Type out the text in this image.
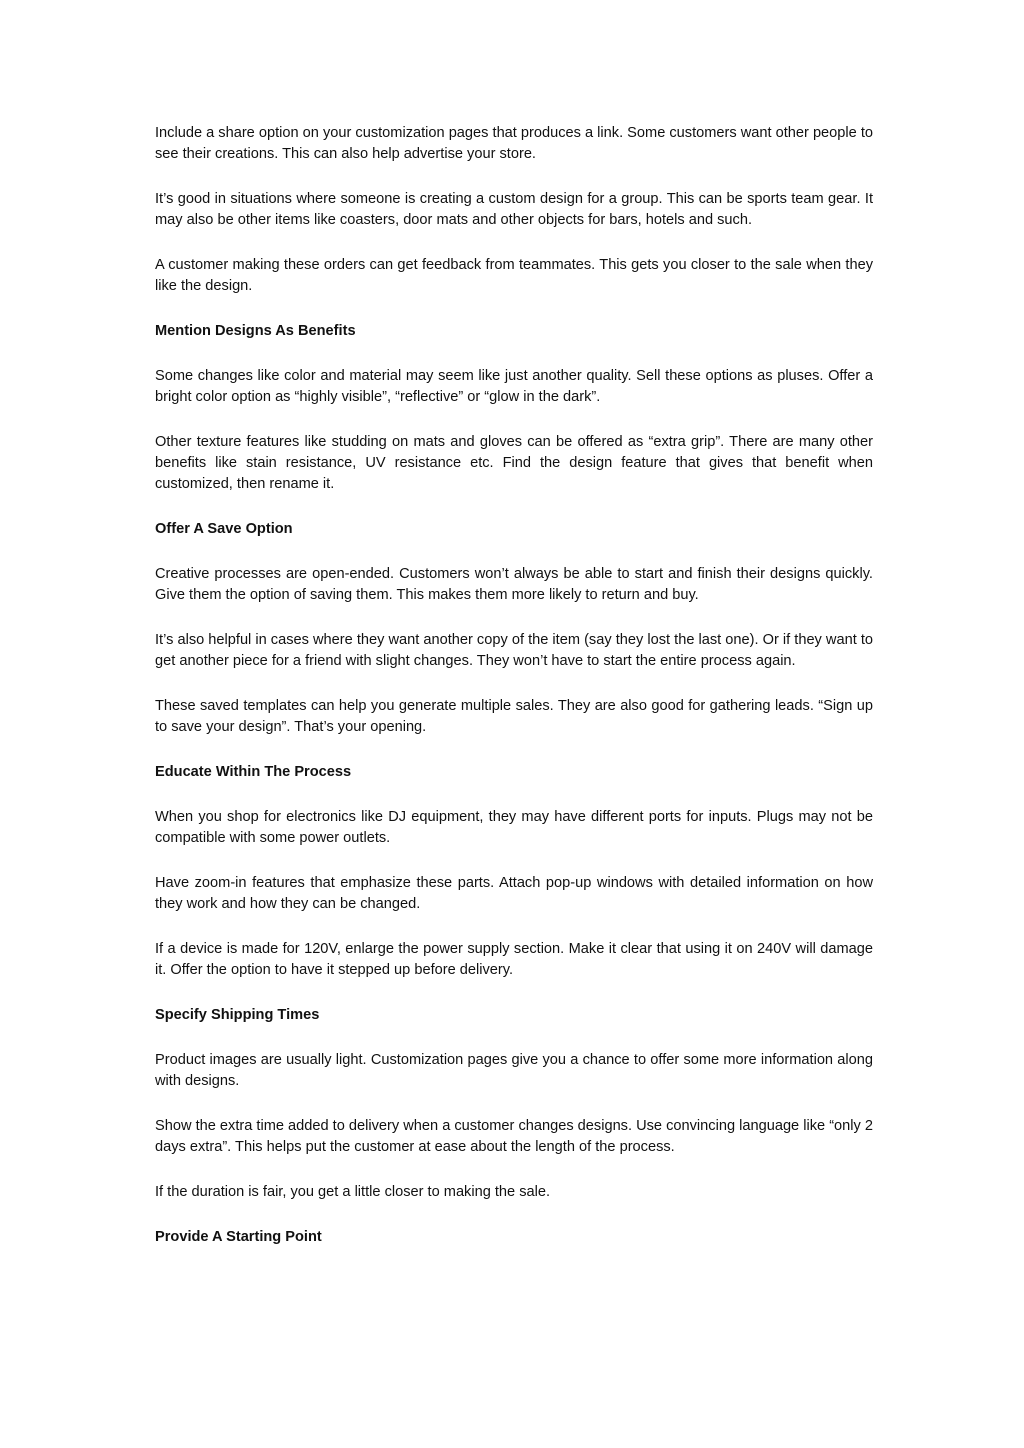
Include a share option on your customization pages that produces a link. Some customers want other people to see their creations. This can also help advertise your store.

It’s good in situations where someone is creating a custom design for a group. This can be sports team gear. It may also be other items like coasters, door mats and other objects for bars, hotels and such.

A customer making these orders can get feedback from teammates. This gets you closer to the sale when they like the design.

Mention Designs As Benefits

Some changes like color and material may seem like just another quality. Sell these options as pluses. Offer a bright color option as “highly visible”, “reflective” or “glow in the dark”.

Other texture features like studding on mats and gloves can be offered as “extra grip”. There are many other benefits like stain resistance, UV resistance etc. Find the design feature that gives that benefit when customized, then rename it.

Offer A Save Option

Creative processes are open-ended. Customers won’t always be able to start and finish their designs quickly. Give them the option of saving them. This makes them more likely to return and buy.

It’s also helpful in cases where they want another copy of the item (say they lost the last one). Or if they want to get another piece for a friend with slight changes. They won’t have to start the entire process again.

These saved templates can help you generate multiple sales. They are also good for gathering leads. “Sign up to save your design”. That’s your opening.

Educate Within The Process

When you shop for electronics like DJ equipment, they may have different ports for inputs. Plugs may not be compatible with some power outlets.

Have zoom-in features that emphasize these parts. Attach pop-up windows with detailed information on how they work and how they can be changed.

If a device is made for 120V, enlarge the power supply section. Make it clear that using it on 240V will damage it. Offer the option to have it stepped up before delivery.

Specify Shipping Times

Product images are usually light. Customization pages give you a chance to offer some more information along with designs.

Show the extra time added to delivery when a customer changes designs. Use convincing language like “only 2 days extra”. This helps put the customer at ease about the length of the process.

If the duration is fair, you get a little closer to making the sale.

Provide A Starting Point
